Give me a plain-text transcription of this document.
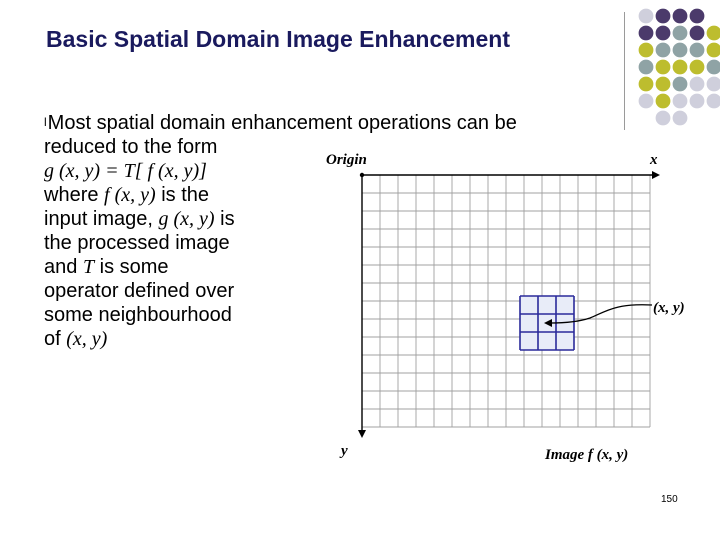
Basic Spatial Domain Image Enhancement
lMost spatial domain enhancement operations can be
reduced to the form
g (x, y) = T[ f (x, y)]
where f (x, y) is the
input image, g (x, y) is
the processed image
and T is some
operator defined over
some neighbourhood
of (x, y)
Origin	x
y
(x, y)
Image f (x, y)
150
